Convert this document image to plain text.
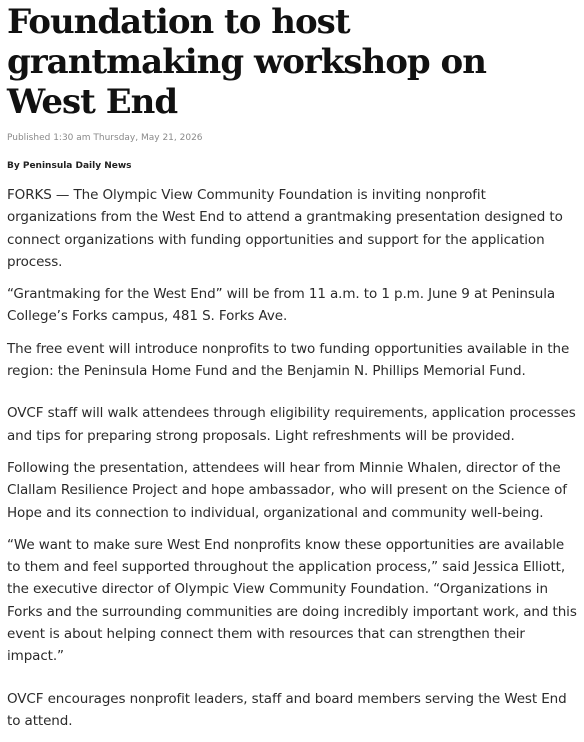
Foundation to host grantmaking workshop on West End
Published 1:30 am Thursday, May 21, 2026
By Peninsula Daily News

FORKS — The Olympic View Community Foundation is inviting nonprofit organizations from the West End to attend a grantmaking presentation designed to connect organizations with funding opportunities and support for the application process.

“Grantmaking for the West End” will be from 11 a.m. to 1 p.m. June 9 at Peninsula College’s Forks campus, 481 S. Forks Ave.

The free event will introduce nonprofits to two funding opportunities available in the region: the Peninsula Home Fund and the Benjamin N. Phillips Memorial Fund.

OVCF staff will walk attendees through eligibility requirements, application processes and tips for preparing strong proposals. Light refreshments will be provided.

Following the presentation, attendees will hear from Minnie Whalen, director of the Clallam Resilience Project and hope ambassador, who will present on the Science of Hope and its connection to individual, organizational and community well-being.

“We want to make sure West End nonprofits know these opportunities are available to them and feel supported throughout the application process,” said Jessica Elliott, the executive director of Olympic View Community Foundation. “Organizations in Forks and the surrounding communities are doing incredibly important work, and this event is about helping connect them with resources that can strengthen their impact.”

OVCF encourages nonprofit leaders, staff and board members serving the West End to attend.
